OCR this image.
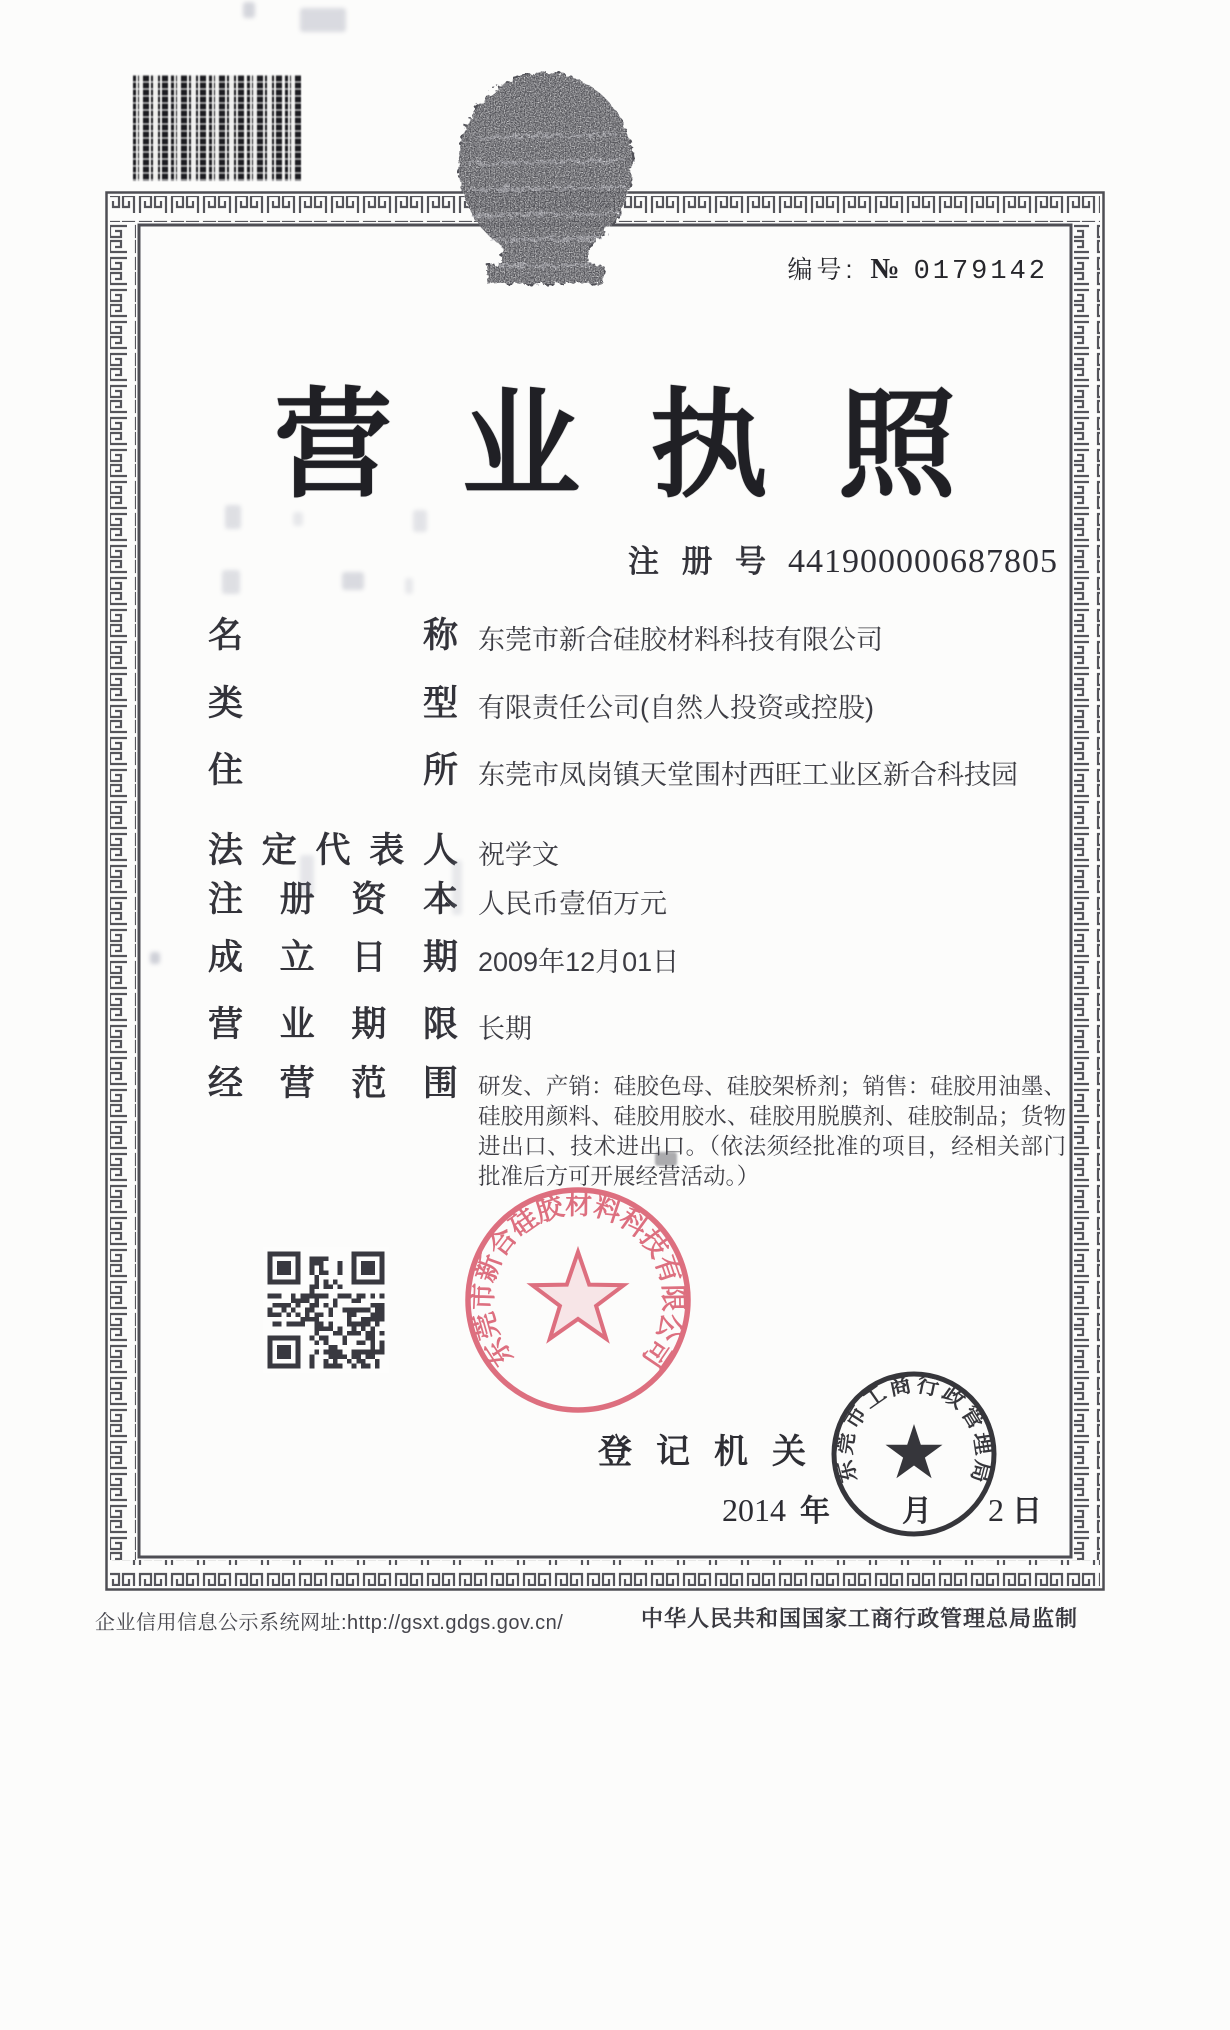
编号: № 0179142
营业执照
注册号 441900000687805
名称 东莞市新合硅胶材料科技有限公司
类型 有限责任公司(自然人投资或控股)
住所 东莞市凤岗镇天堂围村西旺工业区新合科技园
法定代表人 祝学文
注册资本 人民币壹佰万元
成立日期 2009年12月01日
营业期限 长期
经营范围 研发、产销：硅胶色母、硅胶架桥剂；销售：硅胶用油墨、硅胶用颜料、硅胶用胶水、硅胶用脱膜剂、硅胶制品；货物进出口、技术进出口。（依法须经批准的项目，经相关部门批准后方可开展经营活动。）
登记机关
2014 年 月 2 日
东莞市新合硅胶材料科技有限公司
东莞市工商行政管理局
企业信用信息公示系统网址:http://gsxt.gdgs.gov.cn/	中华人民共和国国家工商行政管理总局监制
